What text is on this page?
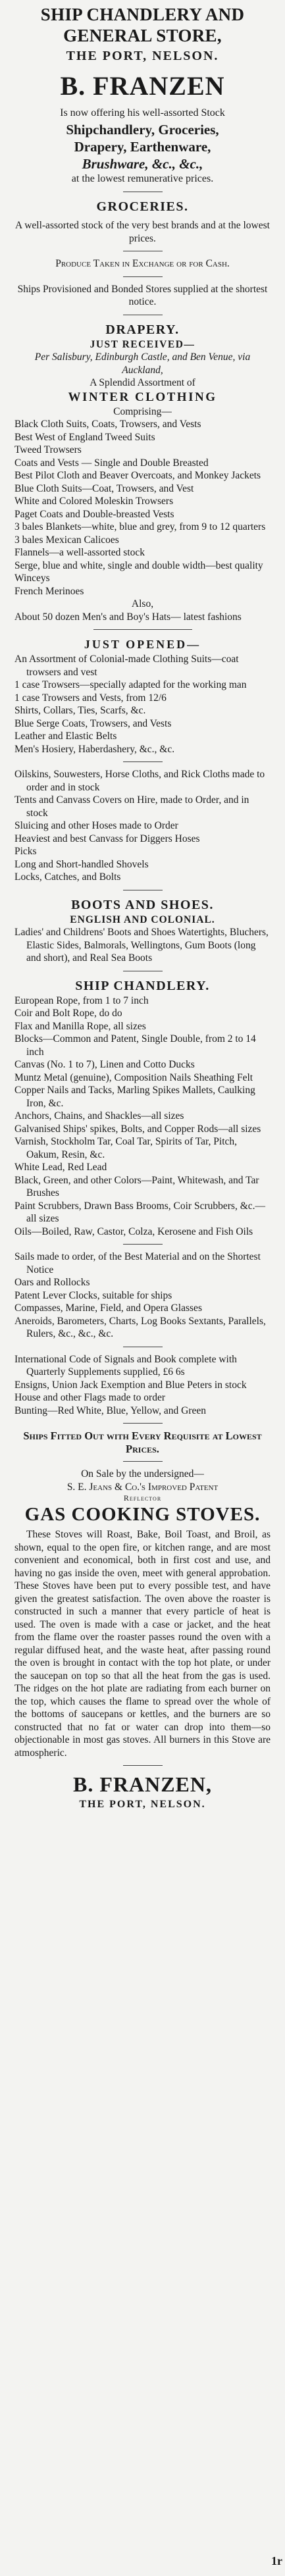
SHIP CHANDLERY AND
GENERAL STORE,
THE PORT, NELSON.
B. FRANZEN
Is now offering his well-assorted Stock
Shipchandlery, Groceries,
Drapery, Earthenware,
Brushware, &c., &c.,
at the lowest remunerative prices.
GROCERIES.
A well-assorted stock of the very best brands and at the lowest prices.
Produce Taken in Exchange or for Cash.
Ships Provisioned and Bonded Stores supplied at the shortest notice.
DRAPERY.
JUST RECEIVED—
Per Salisbury, Edinburgh Castle, and Ben Venue, via Auckland,
A Splendid Assortment of
WINTER CLOTHING
Comprising—
Black Cloth Suits, Coats, Trowsers, and Vests
Best West of England Tweed Suits
Tweed Trowsers
Coats and Vests — Single and Double Breasted
Best Pilot Cloth and Beaver Overcoats, and Monkey Jackets
Blue Cloth Suits—Coat, Trowsers, and Vest
White and Colored Moleskin Trowsers
Paget Coats and Double-breasted Vests
3 bales Blankets—white, blue and grey, from 9 to 12 quarters
3 bales Mexican Calicoes
Flannels—a well-assorted stock
Serge, blue and white, single and double width—best quality
Winceys
French Merinoes
Also,
About 50 dozen Men's and Boy's Hats— latest fashions
JUST OPENED—
An Assortment of Colonial-made Clothing Suits—coat trowsers and vest
1 case Trowsers—specially adapted for the working man
1 case Trowsers and Vests, from 12/6
Shirts, Collars, Ties, Scarfs, &c.
Blue Serge Coats, Trowsers, and Vests
Leather and Elastic Belts
Men's Hosiery, Haberdashery, &c., &c.
Oilskins, Souwesters, Horse Cloths, and Rick Cloths made to order and in stock
Tents and Canvass Covers on Hire, made to Order, and in stock
Sluicing and other Hoses made to Order
Heaviest and best Canvass for Diggers Hoses
Picks
Long and Short-handled Shovels
Locks, Catches, and Bolts
BOOTS AND SHOES.
ENGLISH AND COLONIAL.
Ladies' and Childrens' Boots and Shoes Watertights, Bluchers, Elastic Sides, Balmorals, Wellingtons, Gum Boots (long and short), and Real Sea Boots
SHIP CHANDLERY.
European Rope, from 1 to 7 inch
Coir and Bolt Rope, do do
Flax and Manilla Rope, all sizes
Blocks—Common and Patent, Single Double, from 2 to 14 inch
Canvas (No. 1 to 7), Linen and Cotto Ducks
Muntz Metal (genuine), Composition Nails Sheathing Felt
Copper Nails and Tacks, Marling Spikes Mallets, Caulking Iron, &c.
Anchors, Chains, and Shackles—all sizes
Galvanised Ships' spikes, Bolts, and Copper Rods—all sizes
Varnish, Stockholm Tar, Coal Tar, Spirits of Tar, Pitch, Oakum, Resin, &c.
White Lead, Red Lead
Black, Green, and other Colors—Paint, Whitewash, and Tar Brushes
Paint Scrubbers, Drawn Bass Brooms, Coir Scrubbers, &c.—all sizes
Oils—Boiled, Raw, Castor, Colza, Kerosene and Fish Oils
Sails made to order, of the Best Material and on the Shortest Notice
Oars and Rollocks
Patent Lever Clocks, suitable for ships
Compasses, Marine, Field, and Opera Glasses
Aneroids, Barometers, Charts, Log Books Sextants, Parallels, Rulers, &c., &c., &c.
International Code of Signals and Book complete with Quarterly Supplements supplied, £6 6s
Ensigns, Union Jack Exemption and Blue Peters in stock
House and other Flags made to order
Bunting—Red White, Blue, Yellow, and Green
Ships Fitted Out with Every Requisite at Lowest Prices.
On Sale by the undersigned—
S. E. Jeans & Co.'s Improved Patent
Reflector
GAS COOKING STOVES.
These Stoves will Roast, Bake, Boil Toast, and Broil, as shown, equal to the open fire, or kitchen range, and are most convenient and economical, both in first cost and use, and having no gas inside the oven, meet with general approbation. These Stoves have been put to every possible test, and have given the greatest satisfaction. The oven above the roaster is constructed in such a manner that every particle of heat is used. The oven is made with a case or jacket, and the heat from the flame over the roaster passes round the oven with a regular diffused heat, and the waste heat, after passing round the oven is brought in contact with the top hot plate, or under the saucepan on top so that all the heat from the gas is used. The ridges on the hot plate are radiating from each burner on the top, which causes the flame to spread over the whole of the bottoms of saucepans or kettles, and the burners are so constructed that no fat or water can drop into them—so objectionable in most gas stoves. All burners in this Stove are atmospheric.
B. FRANZEN,
THE PORT, NELSON.
1r
